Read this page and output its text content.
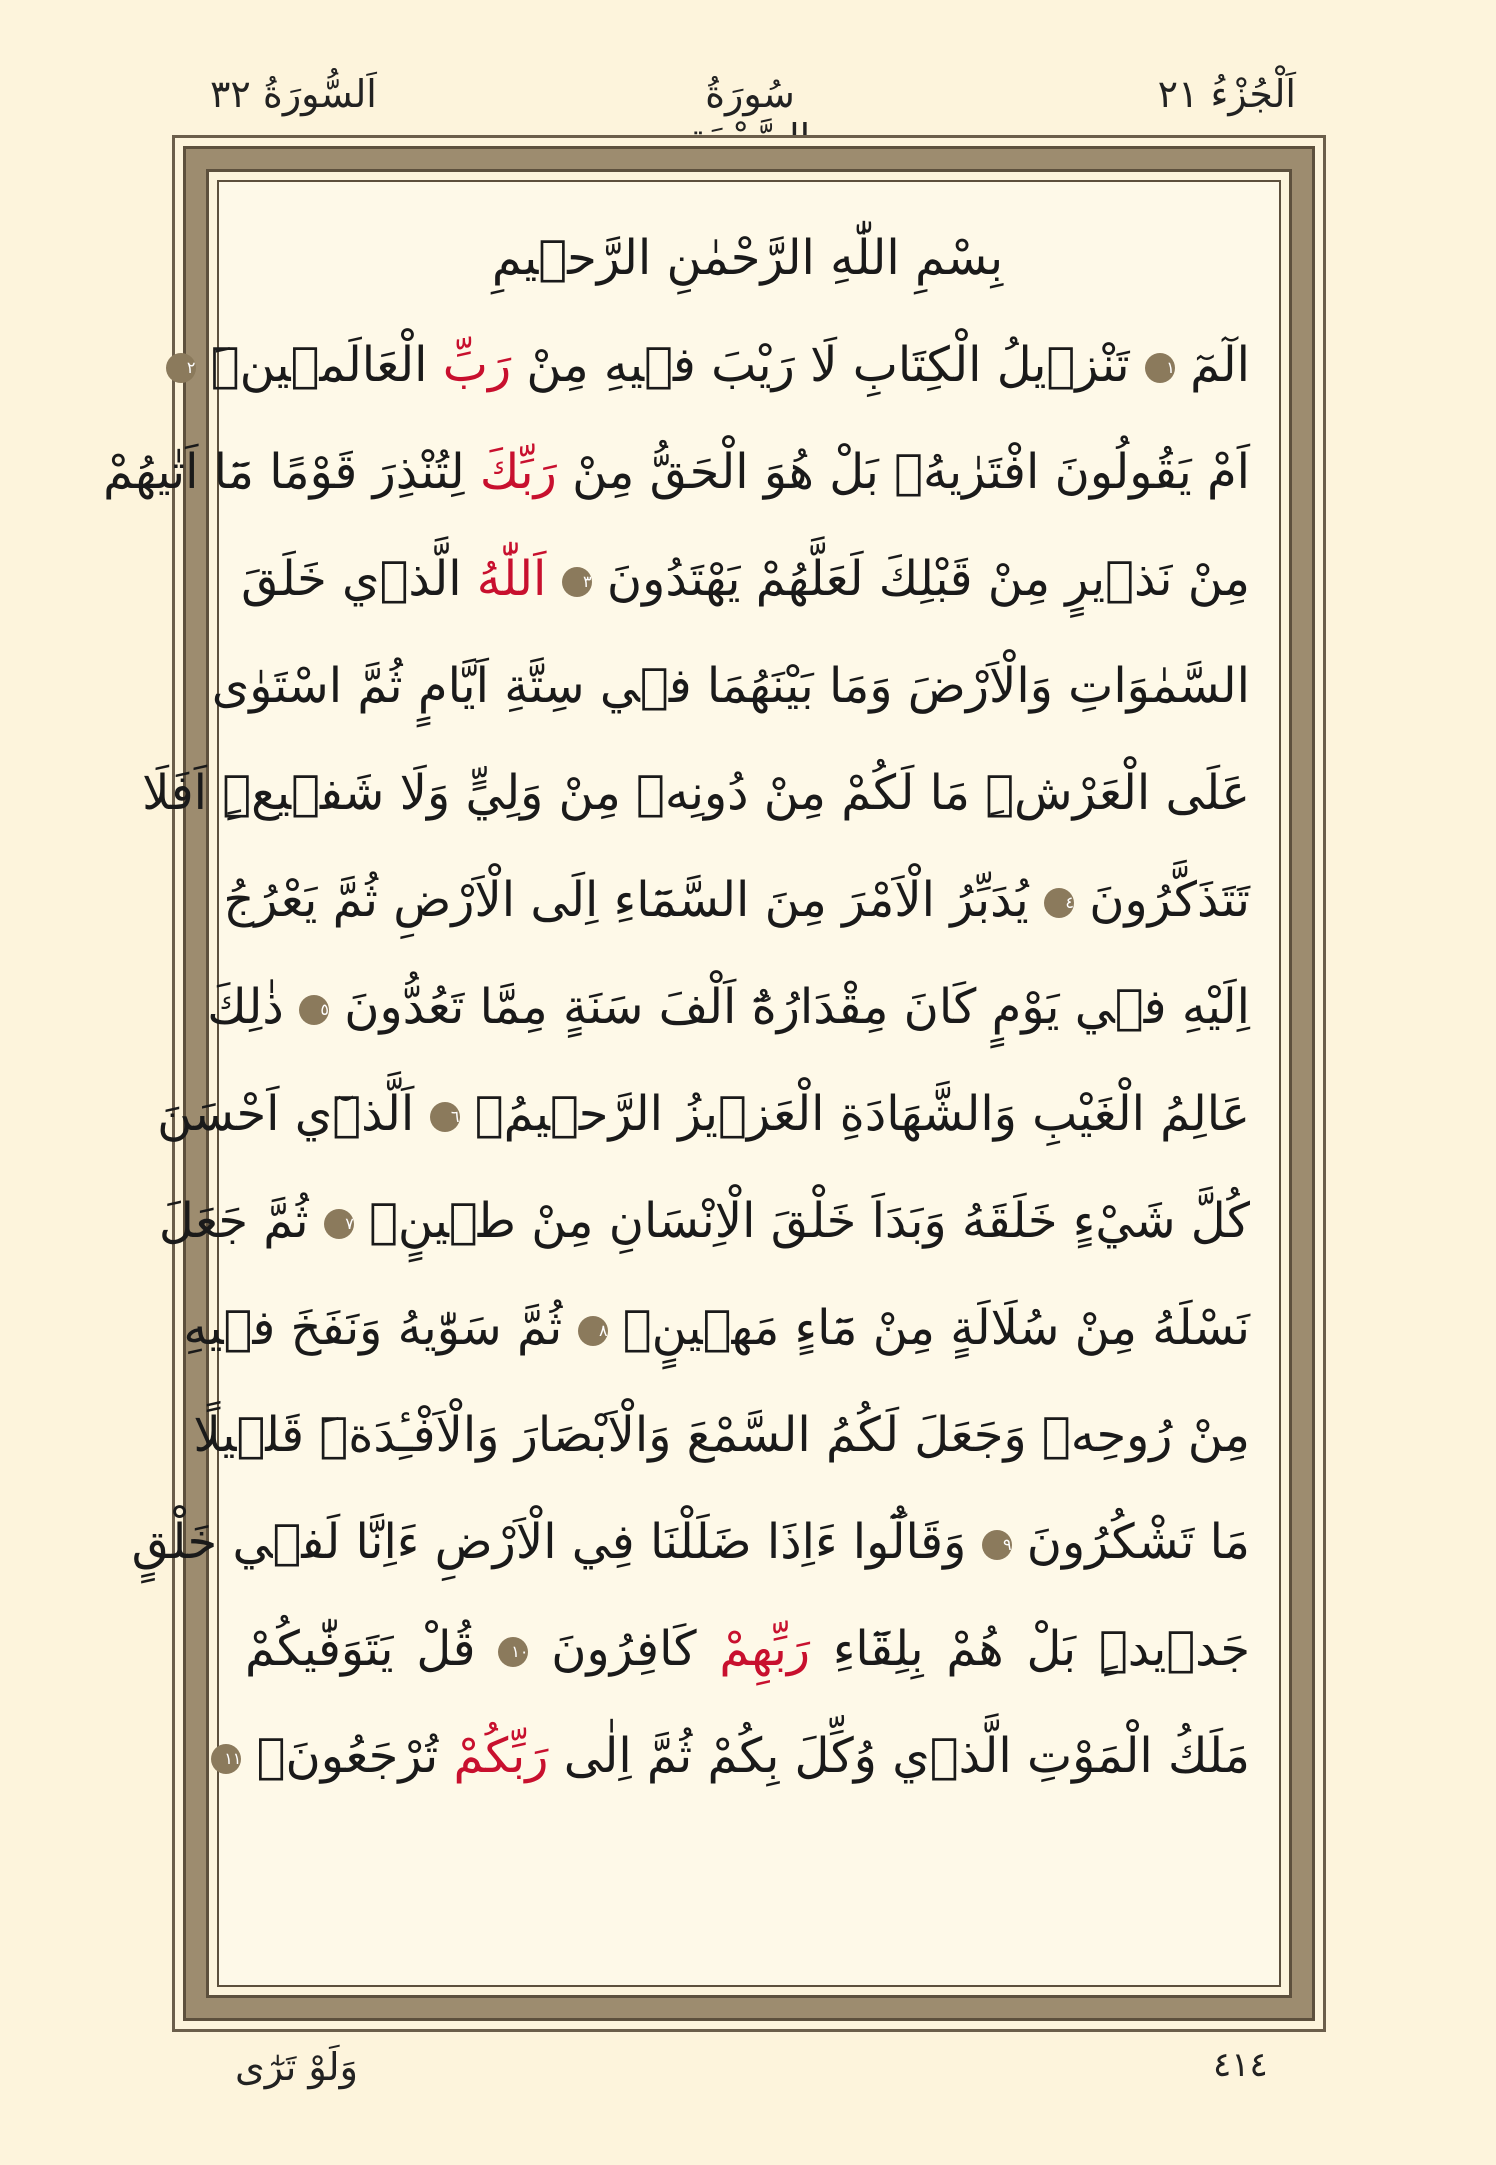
اَلْجُزْءُ ٢١
سُورَةُ
اَلسُّورَةُ ٣٢
بِسْمِ اللّٰهِ الرَّحْمٰنِ الرَّح۪يمِ
الٓمٓ ١ تَنْز۪يلُ الْكِتَابِ لَا رَيْبَ ف۪يهِ مِنْ رَبِّ الْعَالَم۪ينَۜ ٢
اَمْ يَقُولُونَ افْتَرٰيهُۚ بَلْ هُوَ الْحَقُّ مِنْ رَبِّكَ لِتُنْذِرَ قَوْمًا مَٓا اَتٰيهُمْ
مِنْ نَذ۪يرٍ مِنْ قَبْلِكَ لَعَلَّهُمْ يَهْتَدُونَ ٣ اَللّٰهُ الَّذ۪ي خَلَقَ
السَّمٰوَاتِ وَالْاَرْضَ وَمَا بَيْنَهُمَا ف۪ي سِتَّةِ اَيَّامٍ ثُمَّ اسْتَوٰى
عَلَى الْعَرْشِۜ مَا لَكُمْ مِنْ دُونِه۪ مِنْ وَلِيٍّ وَلَا شَف۪يعٍۜ اَفَلَا
تَتَذَكَّرُونَ ٤ يُدَبِّرُ الْاَمْرَ مِنَ السَّمَٓاءِ اِلَى الْاَرْضِ ثُمَّ يَعْرُجُ
اِلَيْهِ ف۪ي يَوْمٍ كَانَ مِقْدَارُهُٓ اَلْفَ سَنَةٍ مِمَّا تَعُدُّونَ ٥ ذٰلِكَ
عَالِمُ الْغَيْبِ وَالشَّهَادَةِ الْعَز۪يزُ الرَّح۪يمُۙ ٦ اَلَّذ۪ٓي اَحْسَنَ
كُلَّ شَيْءٍ خَلَقَهُ وَبَدَاَ خَلْقَ الْاِنْسَانِ مِنْ ط۪ينٍۚ ٧ ثُمَّ جَعَلَ
نَسْلَهُ مِنْ سُلَالَةٍ مِنْ مَٓاءٍ مَه۪ينٍۚ ٨ ثُمَّ سَوّٰيهُ وَنَفَخَ ف۪يهِ
مِنْ رُوحِه۪ وَجَعَلَ لَكُمُ السَّمْعَ وَالْاَبْصَارَ وَالْاَفْـِٔدَةَۜ قَل۪يلًا
مَا تَشْكُرُونَ ٩ وَقَالُٓوا ءَاِذَا ضَلَلْنَا فِي الْاَرْضِ ءَاِنَّا لَف۪ي خَلْقٍ
جَد۪يدٍۜ بَلْ هُمْ بِلِقَٓاءِ رَبِّهِمْ كَافِرُونَ ١٠ قُلْ يَتَوَفّٰيكُمْ
مَلَكُ الْمَوْتِ الَّذ۪ي وُكِّلَ بِكُمْ ثُمَّ اِلٰى رَبِّكُمْ تُرْجَعُونَ۟ ١١
وَلَوْ تَرٰٓى	٤١٤
